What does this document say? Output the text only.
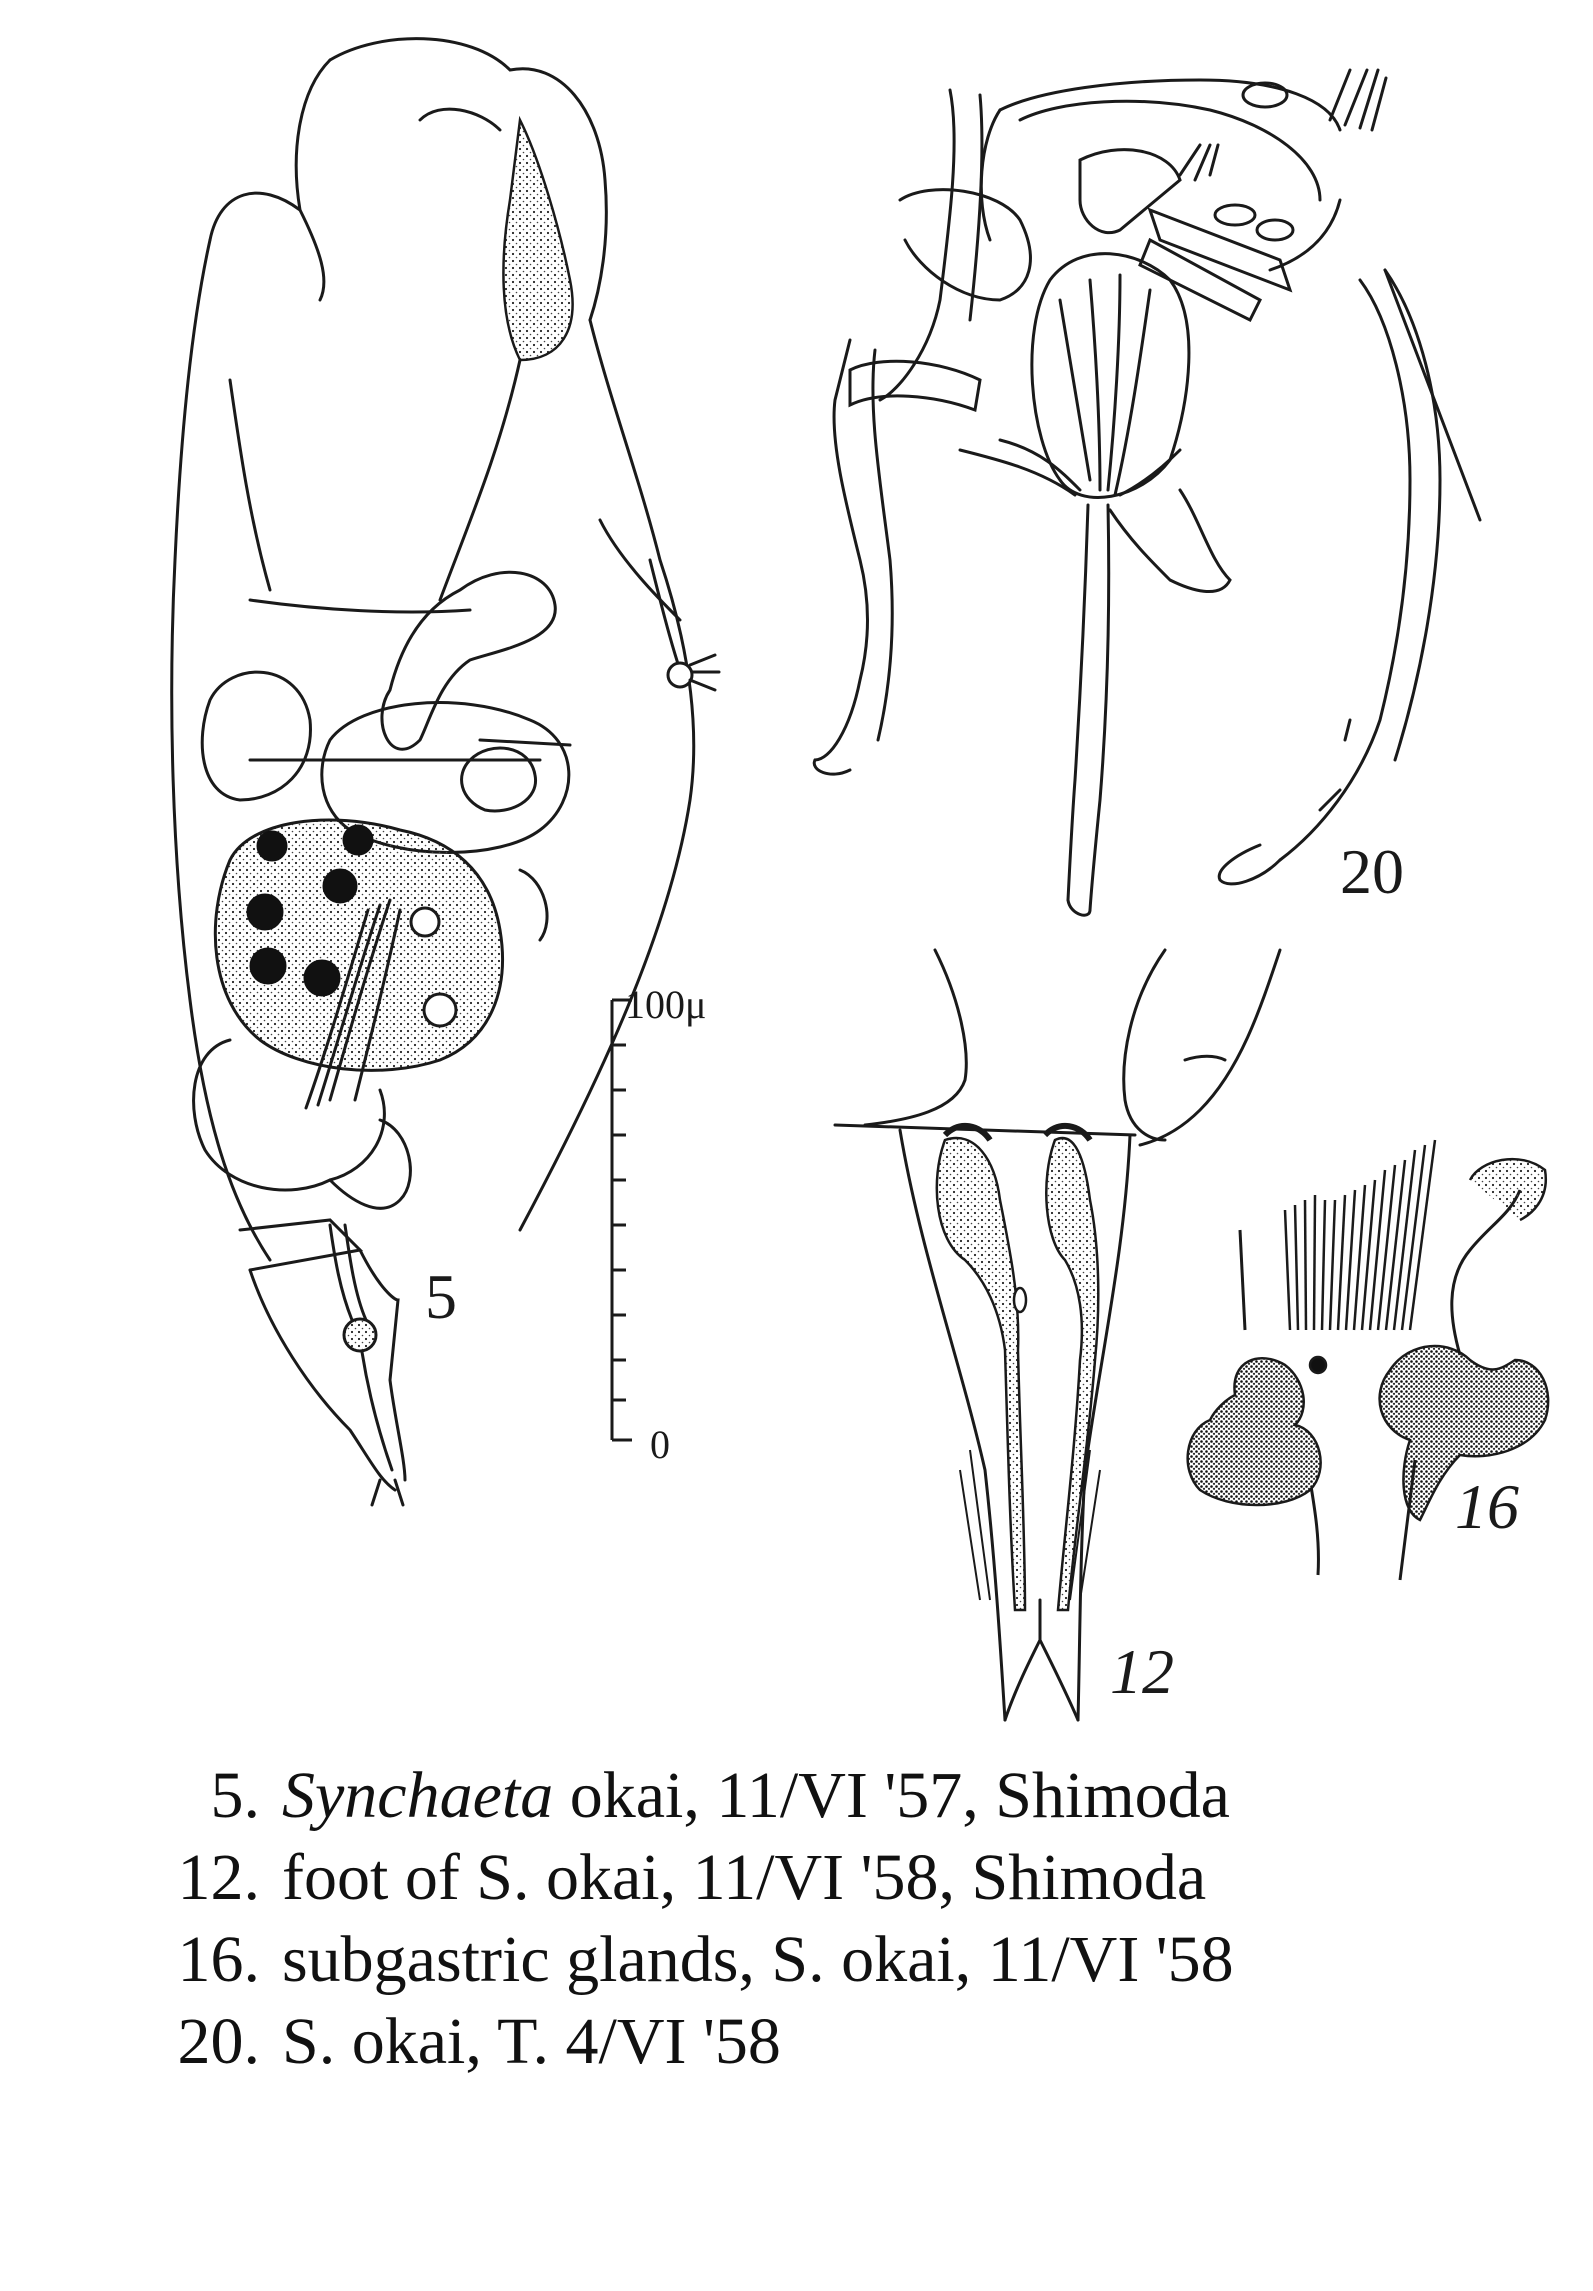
5
20
12
16
100μ
0
5. Synchaeta okai, 11/VI '57, Shimoda
12. foot of S. okai, 11/VI '58, Shimoda
16. subgastric glands, S. okai, 11/VI '58
20. S. okai, T. 4/VI '58
